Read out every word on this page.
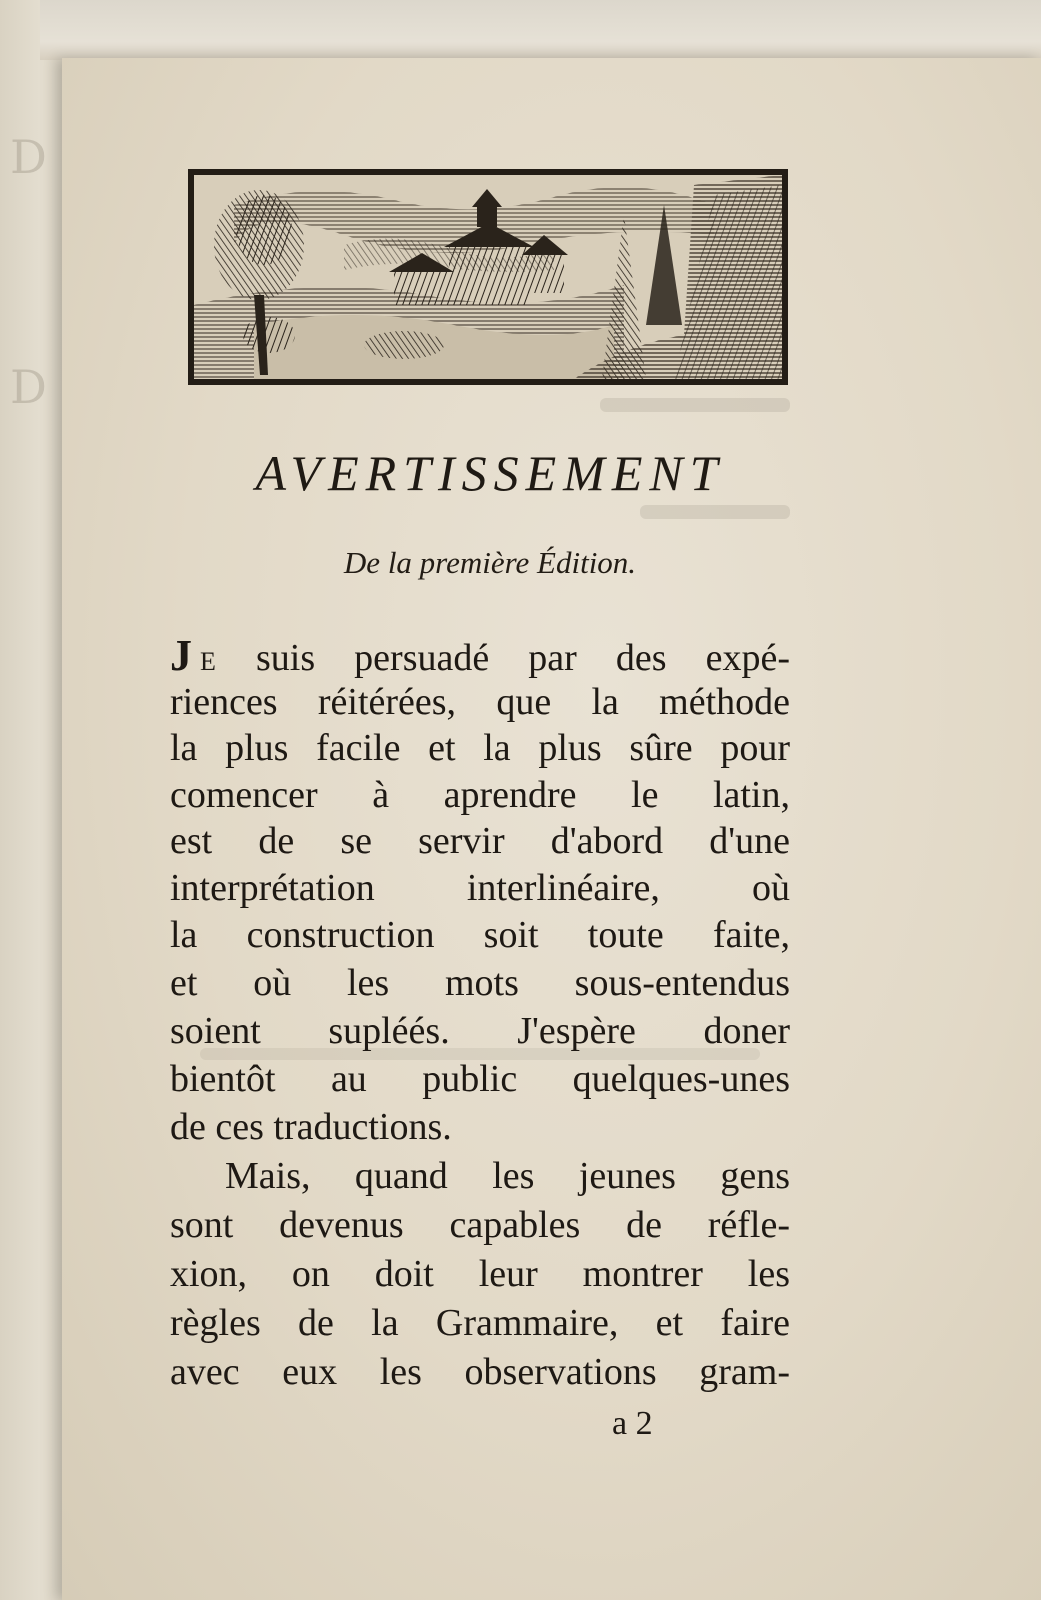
D
D
AVERTISSEMENT
De la première Édition.
J E suis persuadé par des expé-
riences réitérées, que la méthode
la plus facile et la plus sûre pour
comencer à aprendre le latin,
est de se servir d'abord d'une
interprétation interlinéaire, où
la construction soit toute faite,
et où les mots sous-entendus
soient supléés. J'espère doner
bientôt au public quelques-unes
de ces traductions.
Mais, quand les jeunes gens
sont devenus capables de réfle-
xion, on doit leur montrer les
règles de la Grammaire, et faire
avec eux les observations gram-
a 2
